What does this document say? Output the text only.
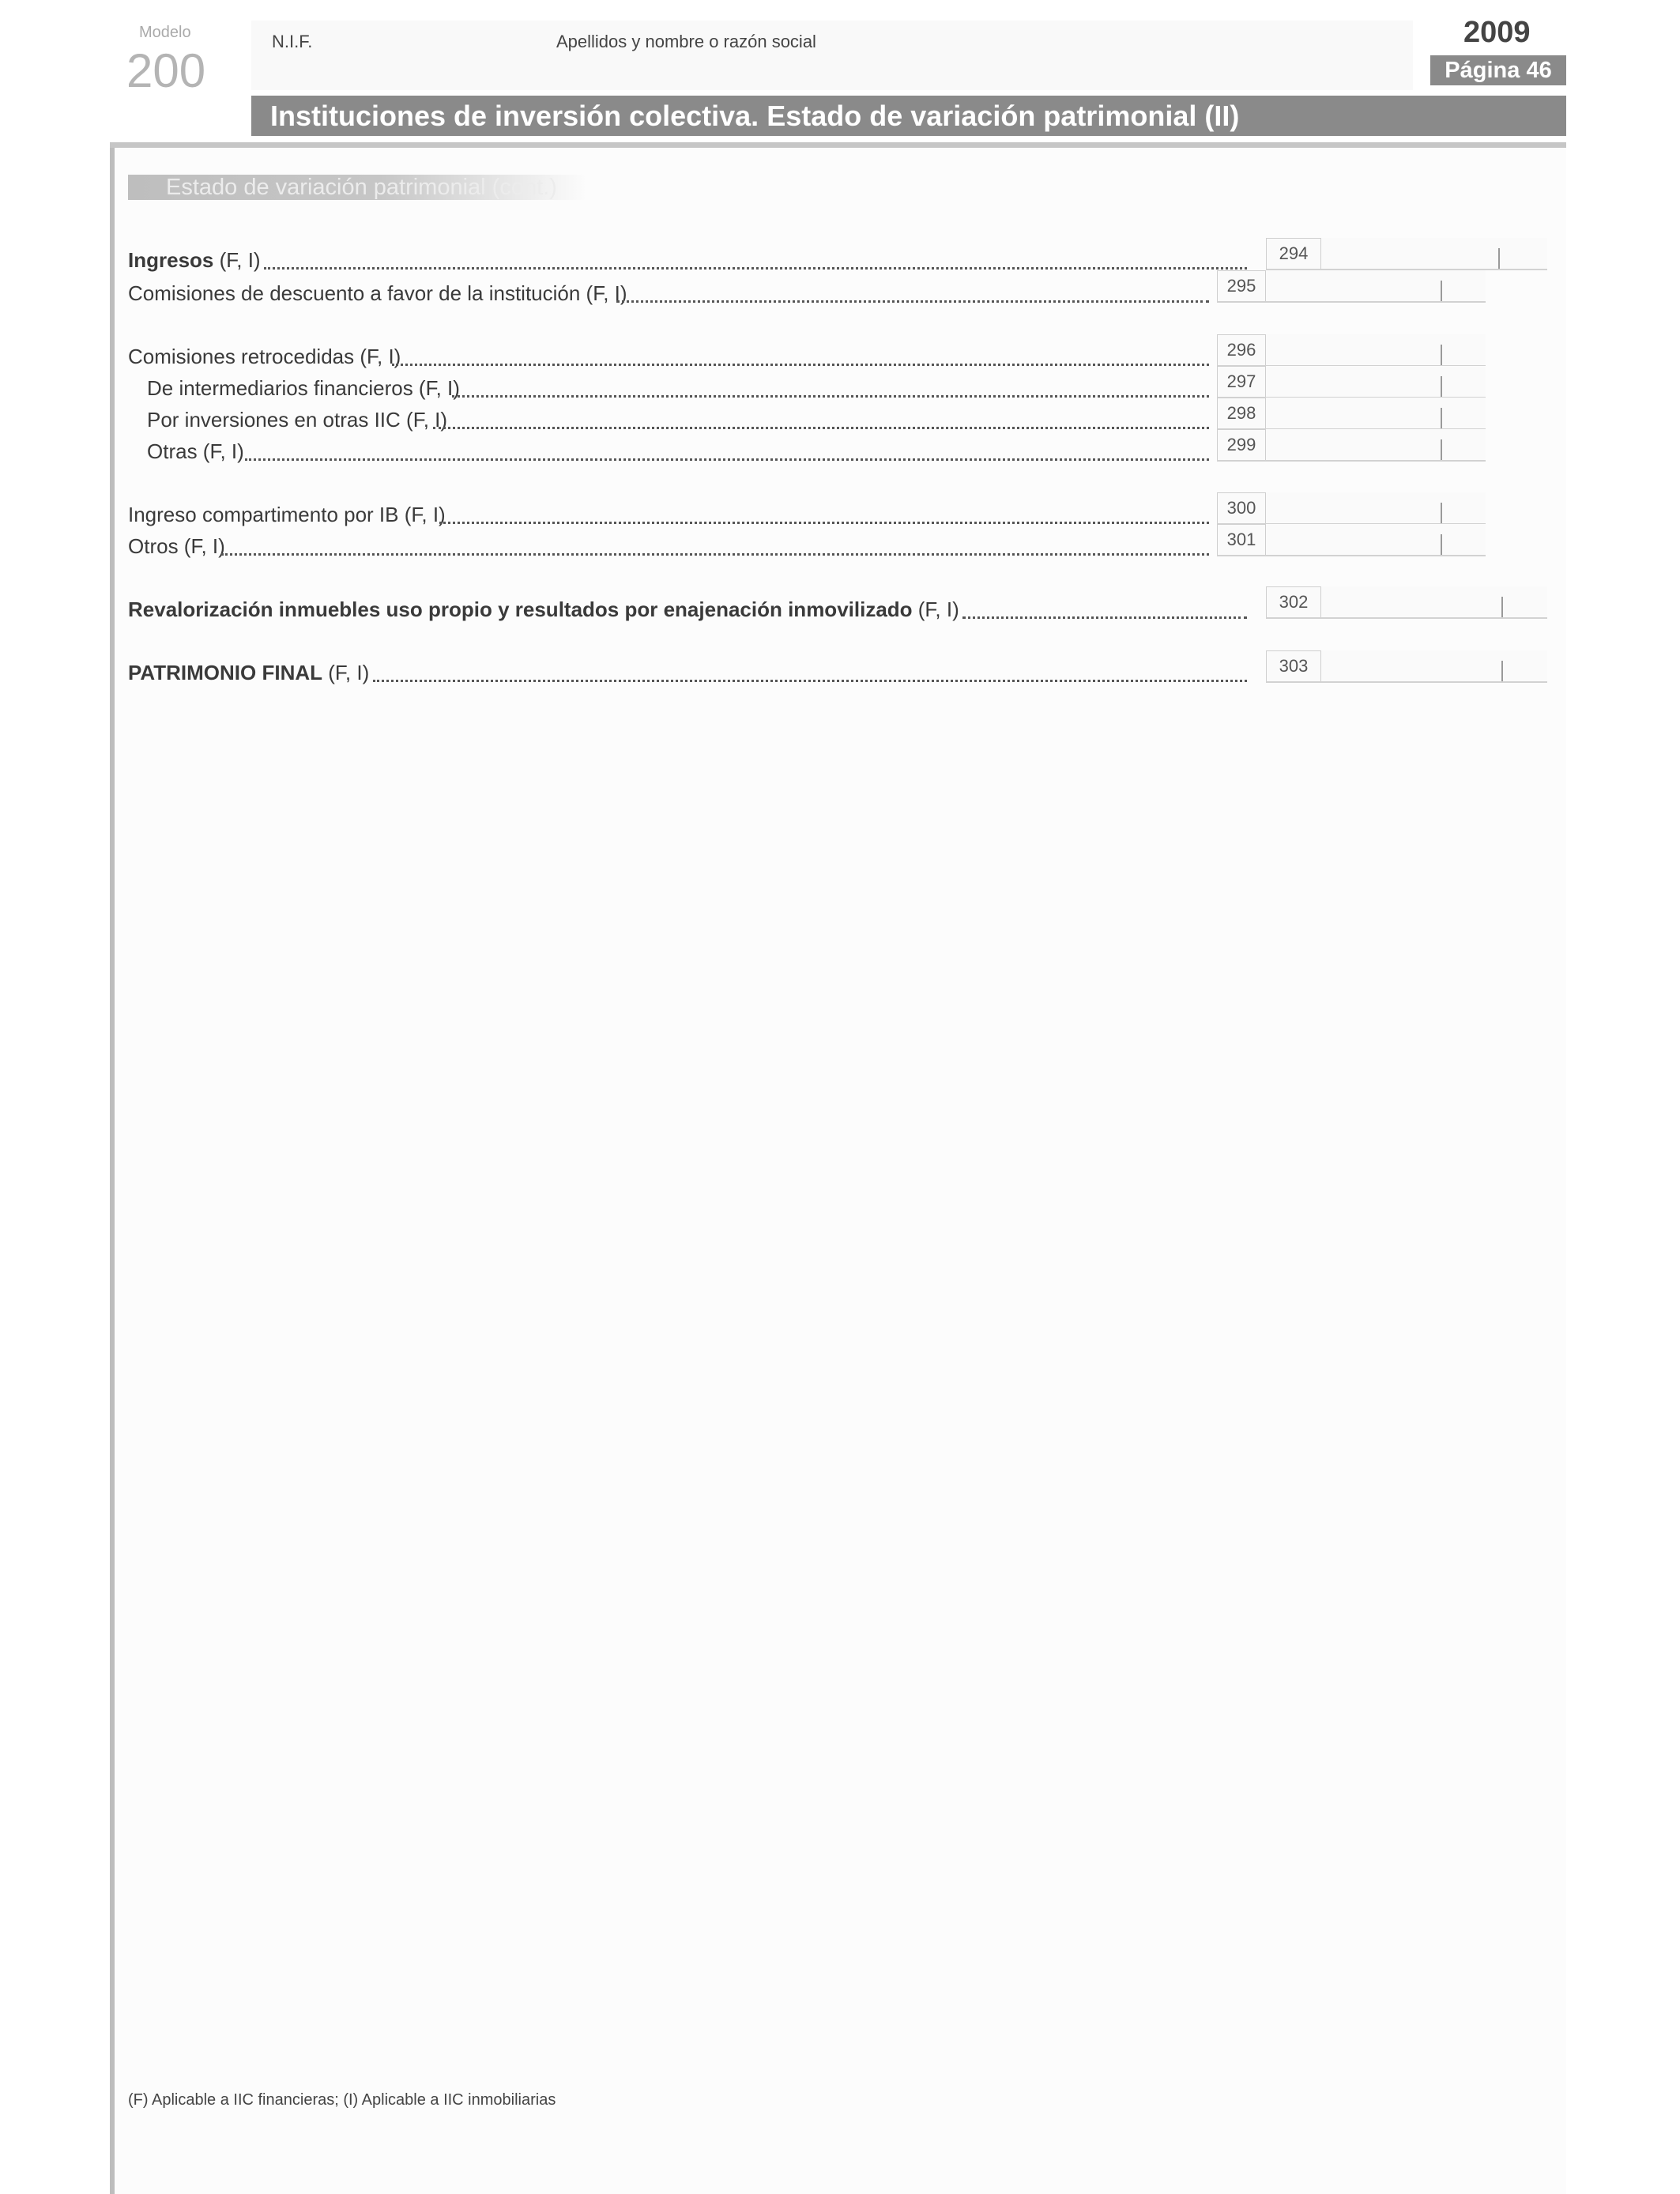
Modelo
200
N.I.F.	Apellidos y nombre o razón social	2009
Página 46
Instituciones de inversión colectiva. Estado de variación patrimonial (II)
Estado de variación patrimonial (cont.)
Ingresos (F, I)	294
Comisiones de descuento a favor de la institución (F, I)	295
Comisiones retrocedidas (F, I)	296
De intermediarios financieros (F, I)	297
Por inversiones en otras IIC (F, I)	298
Otras (F, I)	299
Ingreso compartimento por IB (F, I)	300
Otros (F, I)	301
Revalorización inmuebles uso propio y resultados por enajenación inmovilizado (F, I)	302
PATRIMONIO FINAL (F, I)	303
(F) Aplicable a IIC financieras; (I) Aplicable a IIC inmobiliarias
